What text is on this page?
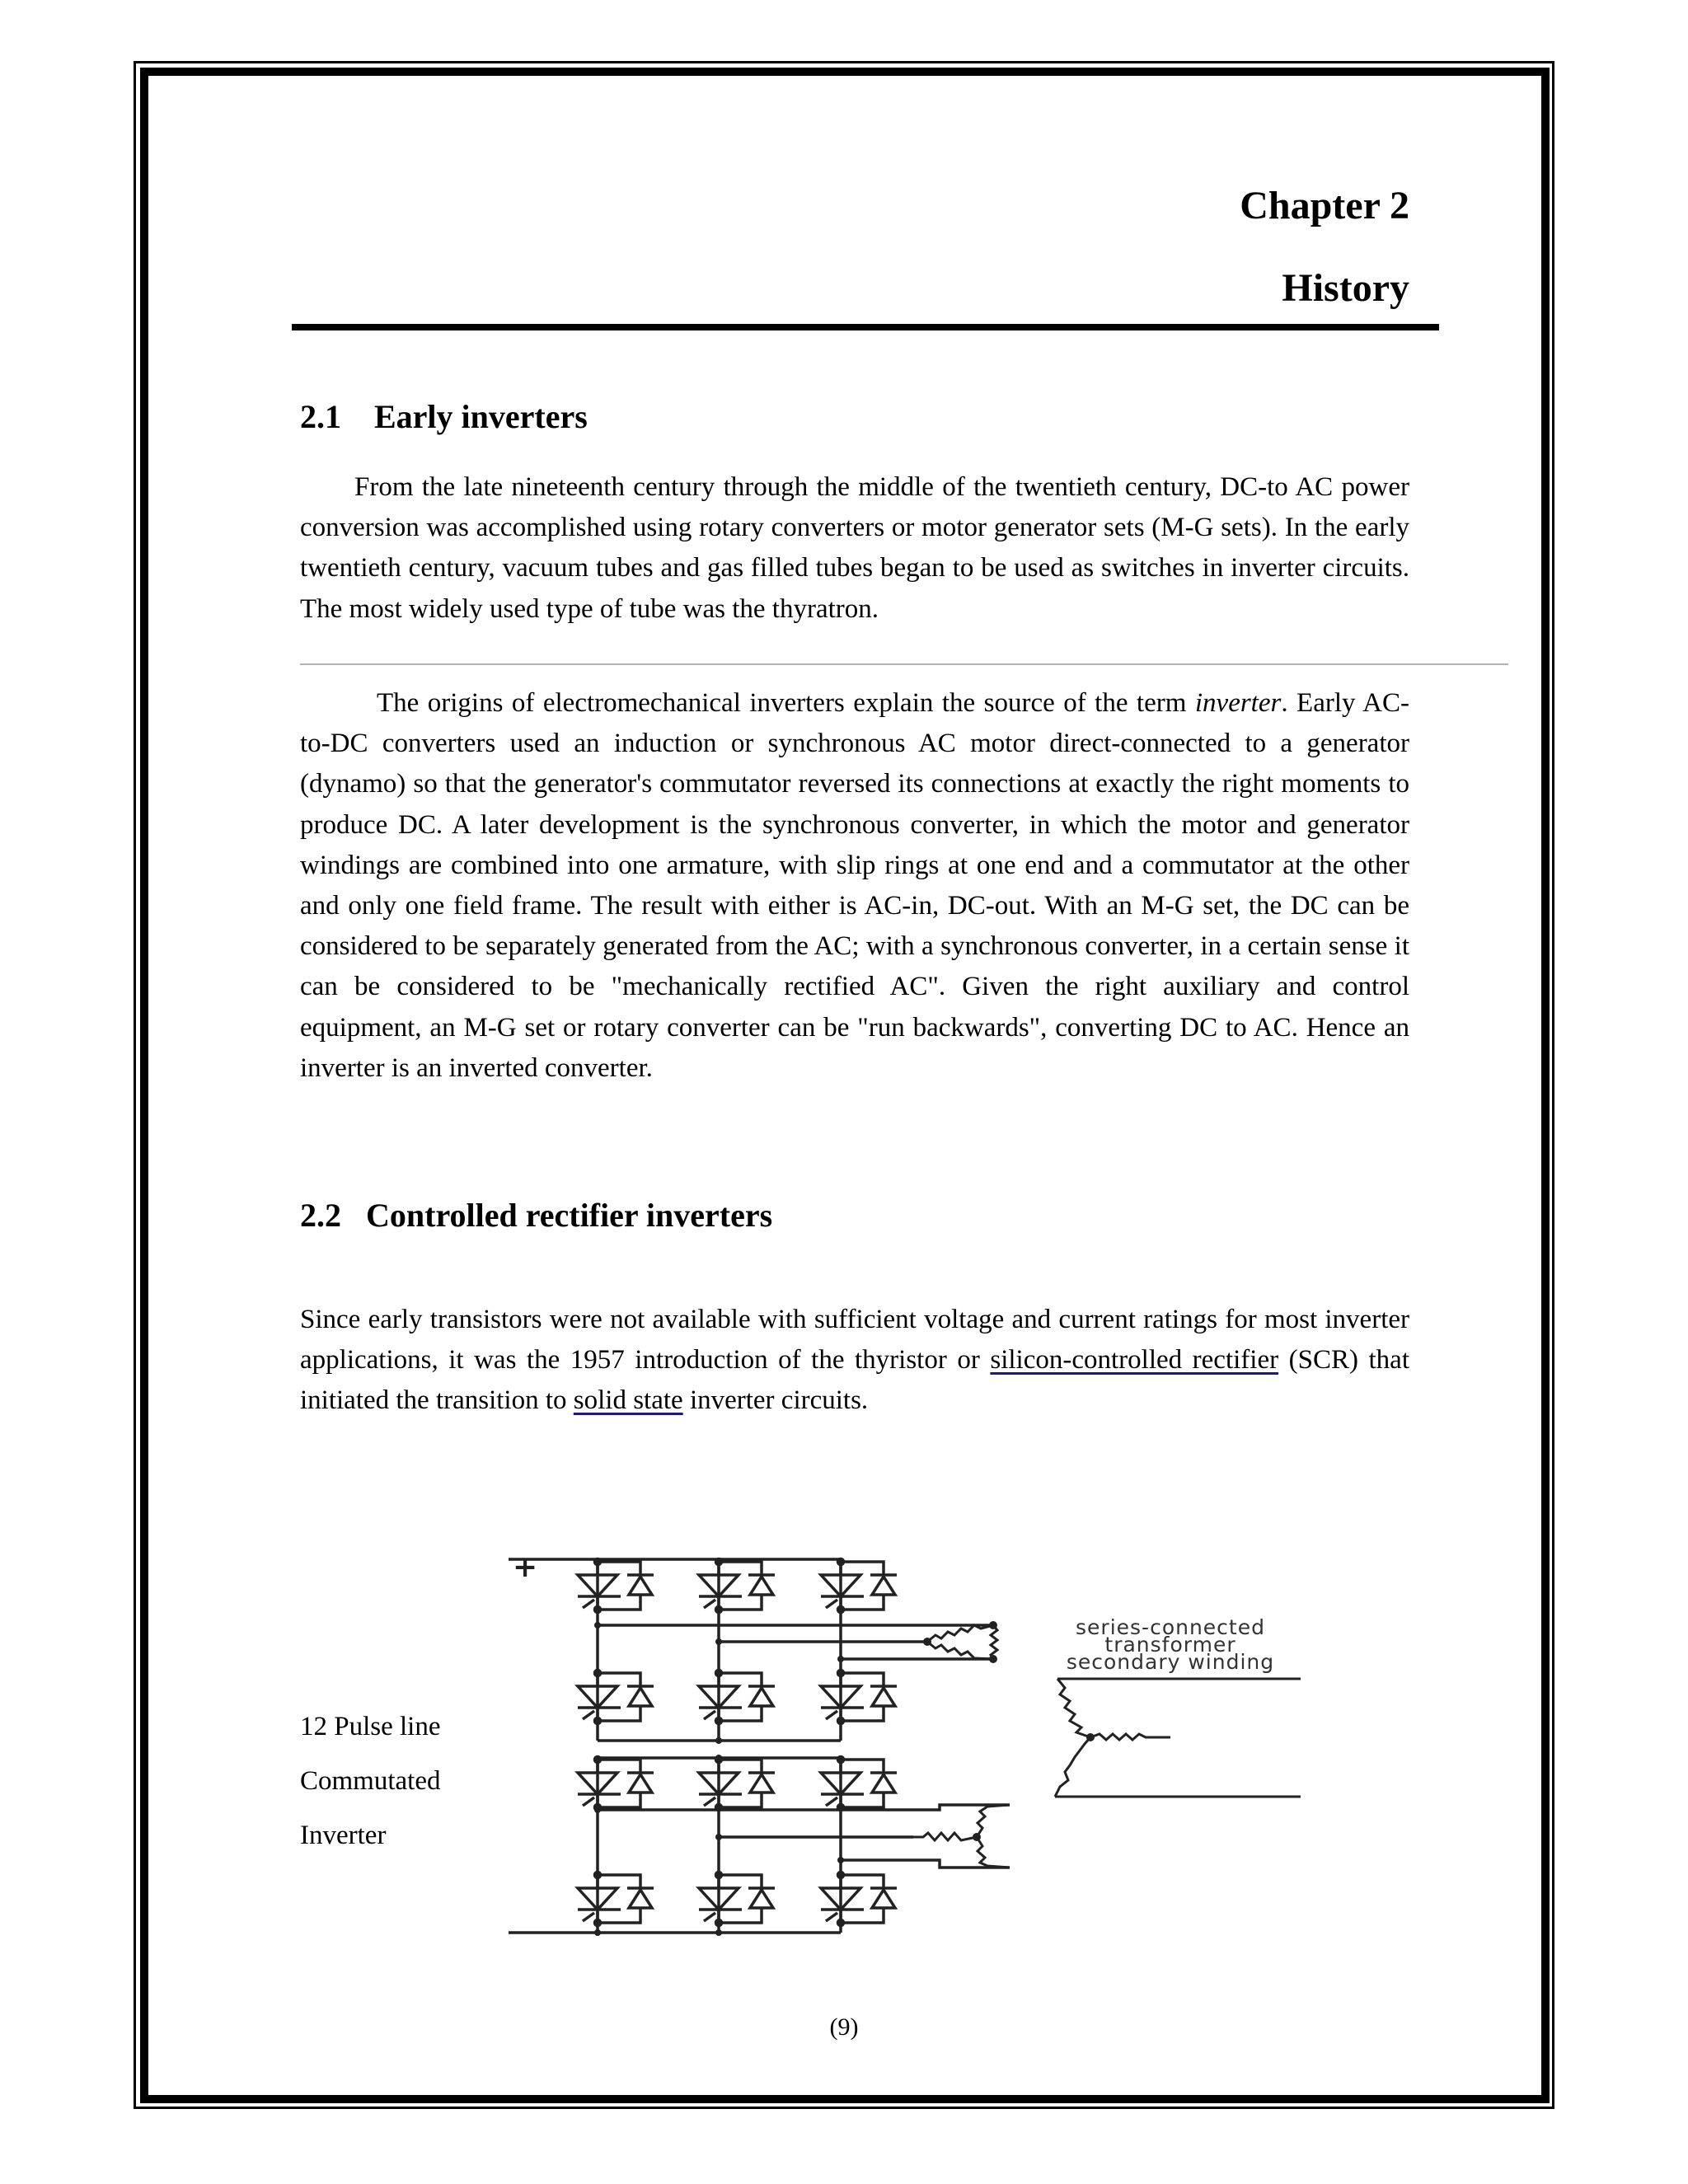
Chapter 2
History
2.1    Early inverters
From the late nineteenth century through the middle of the twentieth century, DC-to AC power conversion was accomplished using rotary converters or motor generator sets (M-G sets). In the early twentieth century, vacuum tubes and gas filled tubes began to be used as switches in inverter circuits. The most widely used type of tube was the thyratron.
The origins of electromechanical inverters explain the source of the term inverter. Early AC-to-DC converters used an induction or synchronous AC motor direct-connected to a generator (dynamo) so that the generator's commutator reversed its connections at exactly the right moments to produce DC. A later development is the synchronous converter, in which the motor and generator windings are combined into one armature, with slip rings at one end and a commutator at the other and only one field frame. The result with either is AC-in, DC-out. With an M-G set, the DC can be considered to be separately generated from the AC; with a synchronous converter, in a certain sense it can be considered to be "mechanically rectified AC". Given the right auxiliary and control equipment, an M-G set or rotary converter can be "run backwards", converting DC to AC. Hence an inverter is an inverted converter.
2.2   Controlled rectifier inverters
Since early transistors were not available with sufficient voltage and current ratings for most inverter applications, it was the 1957 introduction of the thyristor or silicon-controlled rectifier (SCR) that initiated the transition to solid state inverter circuits.
12 Pulse line
Commutated
Inverter
+
series-connected
transformer
secondary winding
(9)
